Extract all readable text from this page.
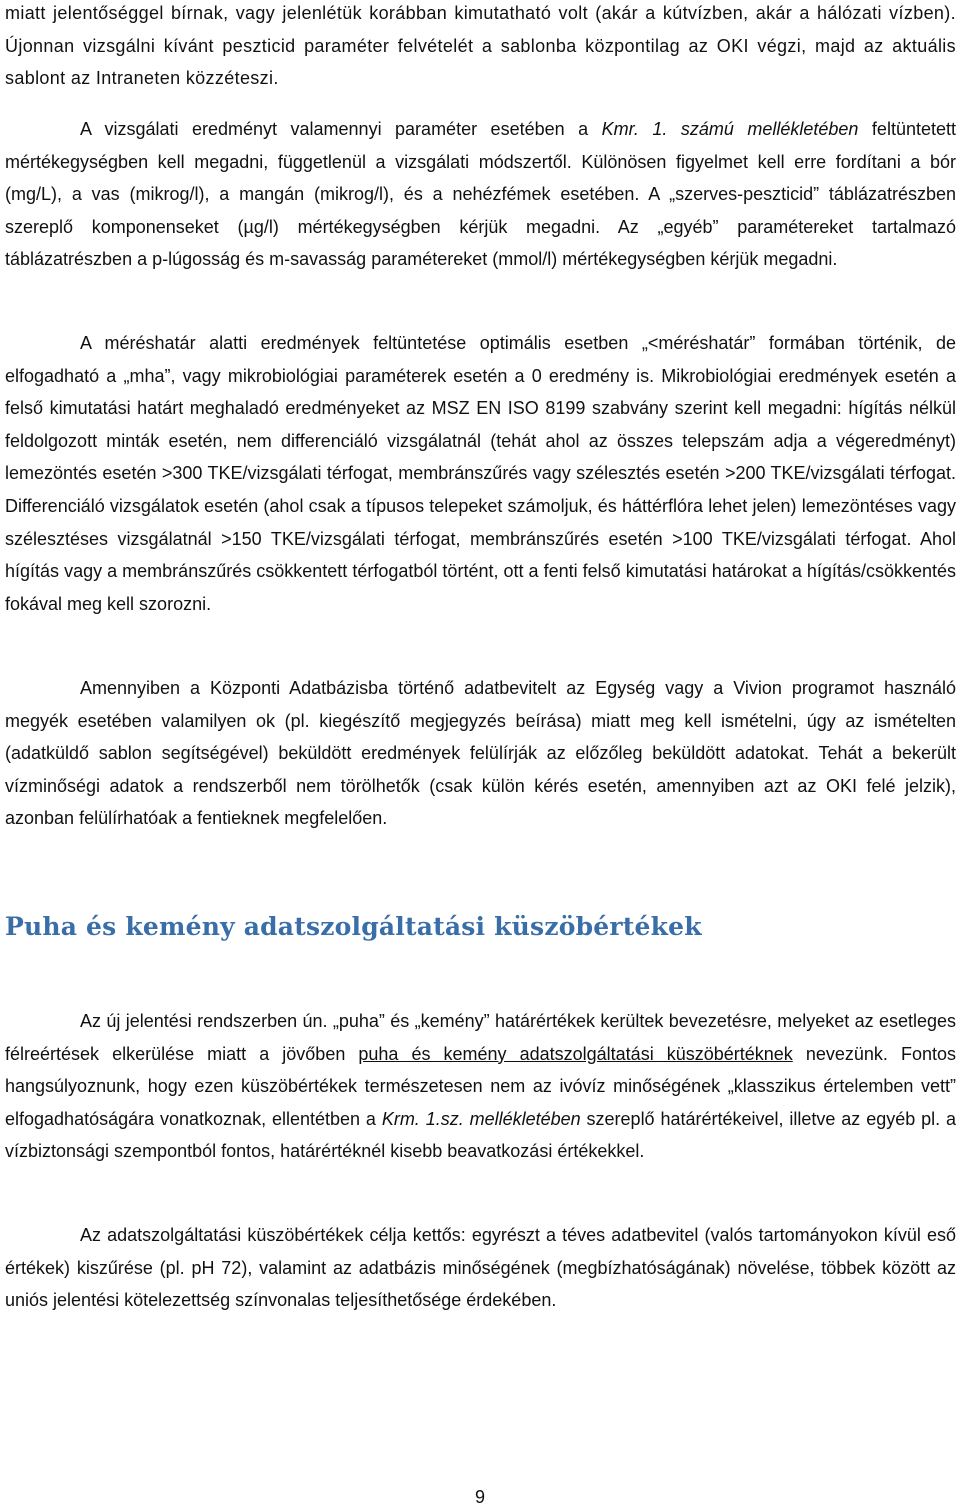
miatt jelentőséggel bírnak, vagy jelenlétük korábban kimutatható volt (akár a kútvízben, akár a hálózati vízben). Újonnan vizsgálni kívánt peszticid paraméter felvételét a sablonba központilag az OKI végzi, majd az aktuális sablont az Intraneten közzéteszi.

A vizsgálati eredményt valamennyi paraméter esetében a Kmr. 1. számú mellékletében feltüntetett mértékegységben kell megadni, függetlenül a vizsgálati módszertől. Különösen figyelmet kell erre fordítani a bór (mg/L), a vas (mikrog/l), a mangán (mikrog/l), és a nehézfémek esetében. A „szerves-peszticid” táblázatrészben szereplő komponenseket (µg/l) mértékegységben kérjük megadni. Az „egyéb” paramétereket tartalmazó táblázatrészben a p-lúgosság és m-savasság paramétereket (mmol/l) mértékegységben kérjük megadni.

A méréshatár alatti eredmények feltüntetése optimális esetben „<méréshatár” formában történik, de elfogadható a „mha”, vagy mikrobiológiai paraméterek esetén a 0 eredmény is. Mikrobiológiai eredmények esetén a felső kimutatási határt meghaladó eredményeket az MSZ EN ISO 8199 szabvány szerint kell megadni: hígítás nélkül feldolgozott minták esetén, nem differenciáló vizsgálatnál (tehát ahol az összes telepszám adja a végeredményt) lemezöntés esetén >300 TKE/vizsgálati térfogat, membránszűrés vagy szélesztés esetén >200 TKE/vizsgálati térfogat. Differenciáló vizsgálatok esetén (ahol csak a típusos telepeket számoljuk, és háttérflóra lehet jelen) lemezöntéses vagy szélesztéses vizsgálatnál >150 TKE/vizsgálati térfogat, membránszűrés esetén >100 TKE/vizsgálati térfogat. Ahol hígítás vagy a membránszűrés csökkentett térfogatból történt, ott a fenti felső kimutatási határokat a hígítás/csökkentés fokával meg kell szorozni.

Amennyiben a Központi Adatbázisba történő adatbevitelt az Egység vagy a Vivion programot használó megyék esetében valamilyen ok (pl. kiegészítő megjegyzés beírása) miatt meg kell ismételni, úgy az ismételten (adatküldő sablon segítségével) beküldött eredmények felülírják az előzőleg beküldött adatokat. Tehát a bekerült vízminőségi adatok a rendszerből nem törölhetők (csak külön kérés esetén, amennyiben azt az OKI felé jelzik), azonban felülírhatóak a fentieknek megfelelően.

Puha és kemény adatszolgáltatási küszöbértékek

Az új jelentési rendszerben ún. „puha” és „kemény” határértékek kerültek bevezetésre, melyeket az esetleges félreértések elkerülése miatt a jövőben puha és kemény adatszolgáltatási küszöbértéknek nevezünk. Fontos hangsúlyoznunk, hogy ezen küszöbértékek természetesen nem az ivóvíz minőségének „klasszikus értelemben vett” elfogadhatóságára vonatkoznak, ellentétben a Krm. 1.sz. mellékletében szereplő határértékeivel, illetve az egyéb pl. a vízbiztonsági szempontból fontos, határértéknél kisebb beavatkozási értékekkel.

Az adatszolgáltatási küszöbértékek célja kettős: egyrészt a téves adatbevitel (valós tartományokon kívül eső értékek) kiszűrése (pl. pH 72), valamint az adatbázis minőségének (megbízhatóságának) növelése, többek között az uniós jelentési kötelezettség színvonalas teljesíthetősége érdekében.

9
